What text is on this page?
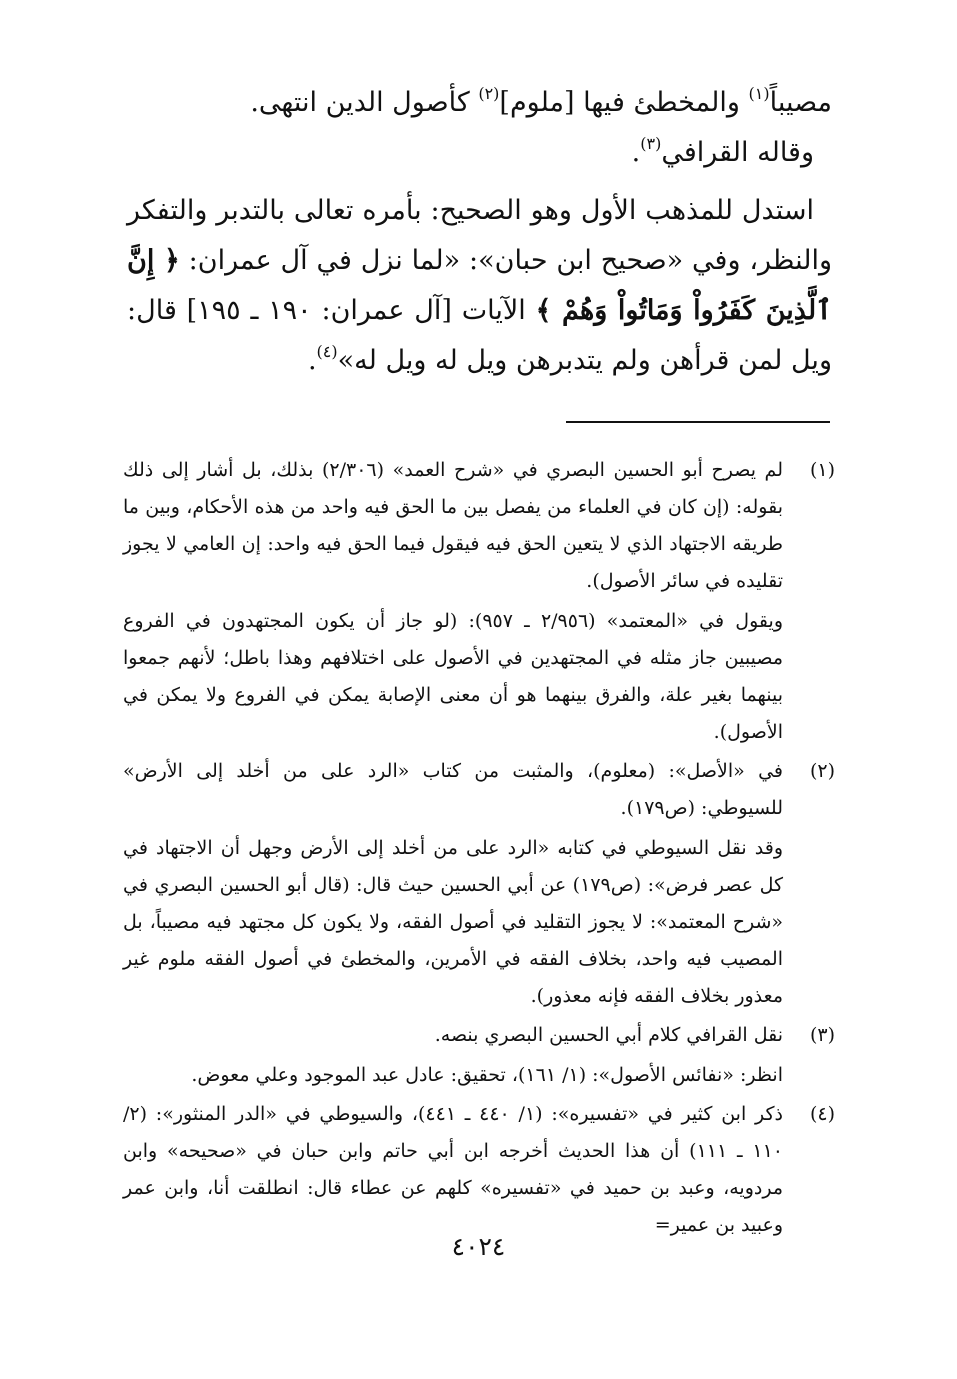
مصيباً$^{(١)}$ والمخطئ فيها [ملوم]$^{(٢)}$ كأصول الدين انتهى.
وقاله القرافي$^{(٣)}$.

استدل للمذهب الأول وهو الصحيح: بأمره تعالى بالتدبر والتفكر والنظر، وفي «صحيح ابن حبان»: «لما نزل في آل عمران: ﴿ إِنَّ ٱلَّذِينَ كَفَرُواْ وَمَاتُواْ وَهُمْ ﴾ الآيات [آل عمران: ١٩٠ ـ ١٩٥] قال: ويل لمن قرأهن ولم يتدبرهن ويل له ويل له»$^{(٤)}$.

(١)

لم يصرح أبو الحسين البصري في «شرح العمد» (٢/٣٠٦) بذلك، بل أشار إلى ذلك بقوله: (إن كان في العلماء من يفصل بين ما الحق فيه واحد من هذه الأحكام، وبين ما طريقه الاجتهاد الذي لا يتعين الحق فيه فيقول فيما الحق فيه واحد: إن العامي لا يجوز تقليده في سائر الأصول).

ويقول في «المعتمد» (٢/٩٥٦ ـ ٩٥٧): (لو جاز أن يكون المجتهدون في الفروع مصيبين جاز مثله في المجتهدين في الأصول على اختلافهم وهذا باطل؛ لأنهم جمعوا بينهما بغير علة، والفرق بينهما هو أن معنى الإصابة يمكن في الفروع ولا يمكن في الأصول).

(٢)

في «الأصل»: (معلوم)، والمثبت من كتاب «الرد على من أخلد إلى الأرض» للسيوطي: (ص١٧٩).

وقد نقل السيوطي في كتابه «الرد على من أخلد إلى الأرض وجهل أن الاجتهاد في كل عصر فرض»: (ص١٧٩) عن أبي الحسين حيث قال: (قال أبو الحسين البصري في «شرح المعتمد»: لا يجوز التقليد في أصول الفقه، ولا يكون كل مجتهد فيه مصيباً، بل المصيب فيه واحد، بخلاف الفقه في الأمرين، والمخطئ في أصول الفقه ملوم غير معذور بخلاف الفقه فإنه معذور).

(٣)

نقل القرافي كلام أبي الحسين البصري بنصه.

انظر: «نفائس الأصول»: (١/ ١٦١)، تحقيق: عادل عبد الموجود وعلي معوض.

(٤)

ذكر ابن كثير في «تفسيره»: (١/ ٤٤٠ ـ ٤٤١)، والسيوطي في «الدر المنثور»: (٢/ ١١٠ ـ ١١١) أن هذا الحديث أخرجه ابن أبي حاتم وابن حبان في «صحيحه» وابن مردويه، وعبد بن حميد في «تفسيره» كلهم عن عطاء قال: انطلقت أنا، وابن عمر وعبيد بن عمير=

٤٠٢٤
